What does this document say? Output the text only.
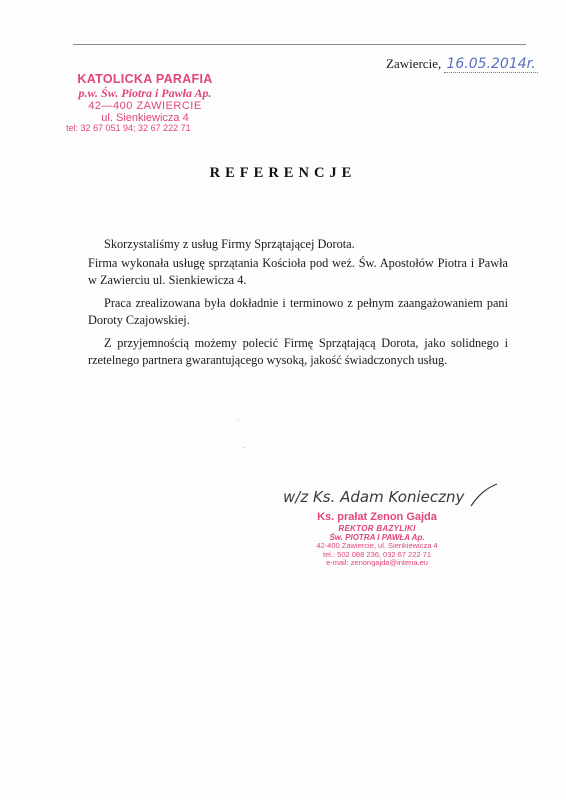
Zawiercie, 16.05.2014r.
KATOLICKA PARAFIA
p.w. Św. Piotra i Pawła Ap.
42—400 ZAWIERCIE
ul. Sienkiewicza 4
tel: 32 67 051 94; 32 67 222 71
REFERENCJE

Skorzystaliśmy z usług Firmy Sprzątającej Dorota.

Firma wykonała usługę sprzątania Kościoła pod weż. Św. Apostołów Piotra i Pawła w Zawierciu ul. Sienkiewicza 4.

Praca zrealizowana była dokładnie i terminowo z pełnym zaangażowaniem pani Doroty Czajowskiej.

Z przyjemnością możemy polecić Firmę Sprzątającą Dorota, jako solidnego i rzetelnego partnera gwarantującego wysoką, jakość świadczonych usług.

w/z Ks. Adam Konieczny
Ks. prałat Zenon Gajda
REKTOR BAZYLIKI
Św. PIOTRA I PAWŁA Ap.
42-400 Zawiercie, ul. Sienkiewicza 4
tel.: 502 088 236; 032 67 222 71
e-mail: zenongajda@interia.eu
